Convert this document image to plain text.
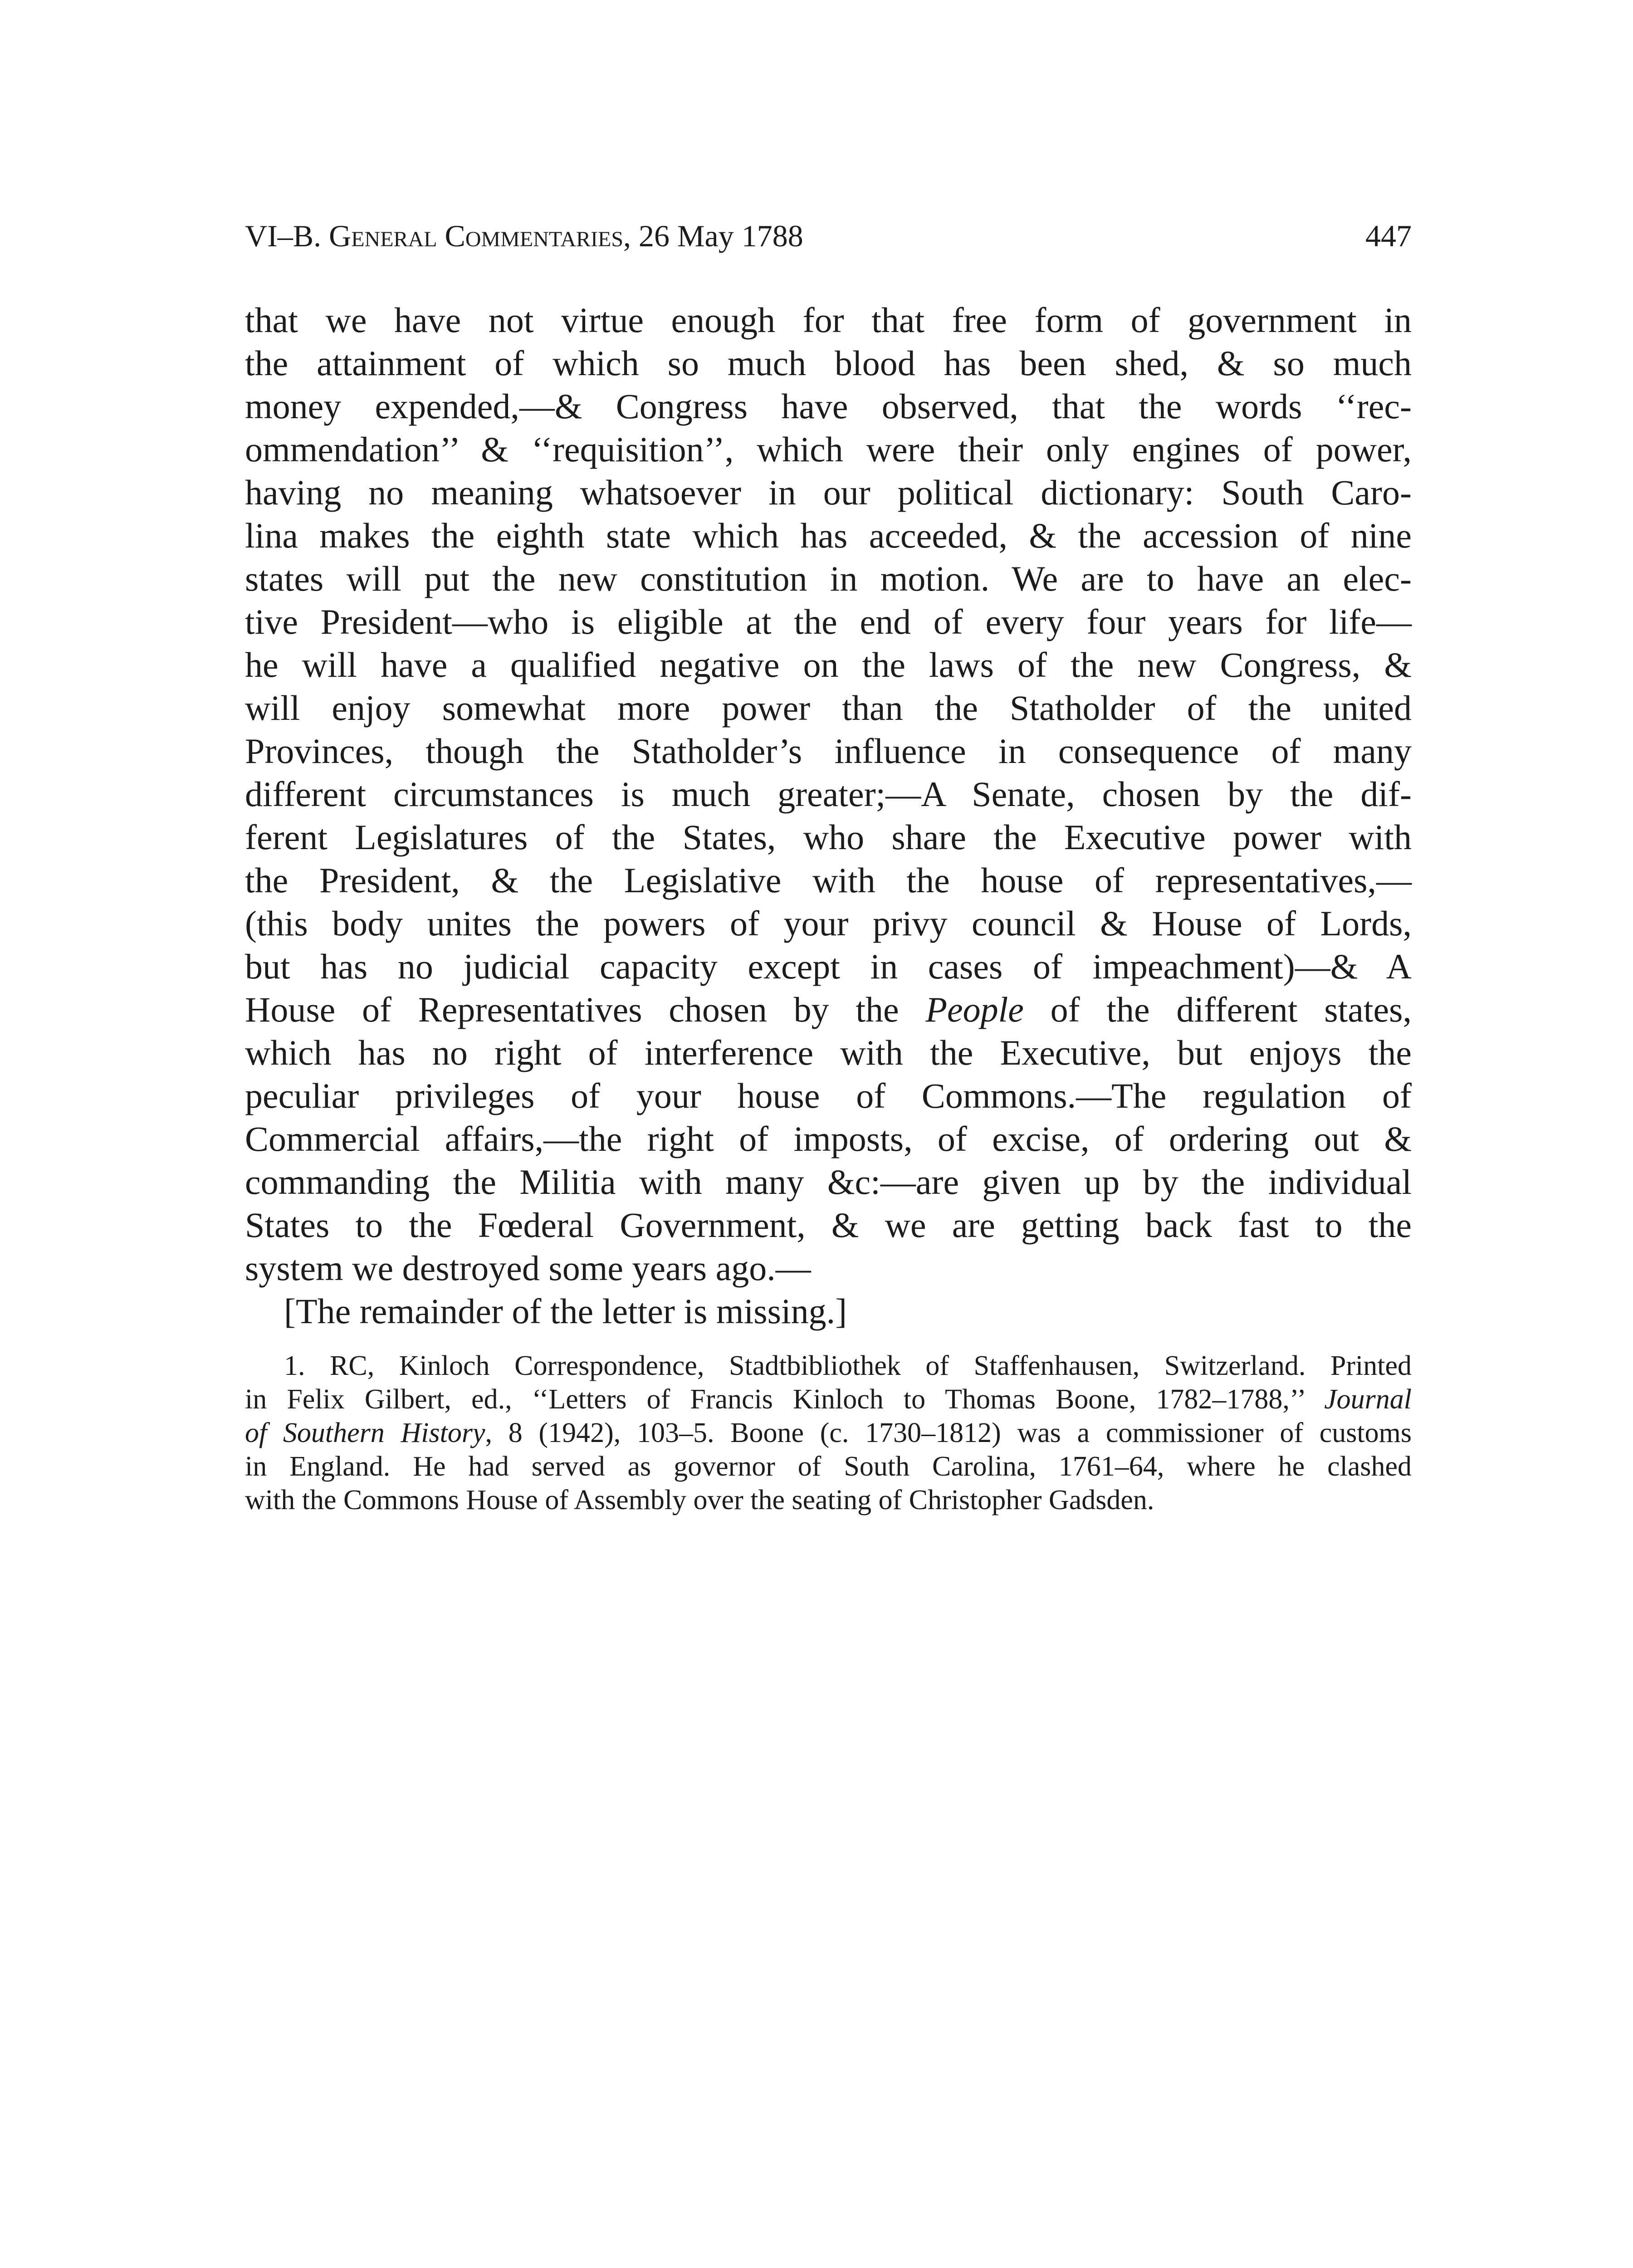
VI–B. General Commentaries, 26 May 1788	447
that we have not virtue enough for that free form of government in
the attainment of which so much blood has been shed, & so much
money expended,—& Congress have observed, that the words ‘‘rec-
ommendation’’ & ‘‘requisition’’, which were their only engines of power,
having no meaning whatsoever in our political dictionary: South Caro-
lina makes the eighth state which has acceeded, & the accession of nine
states will put the new constitution in motion. We are to have an elec-
tive President—who is eligible at the end of every four years for life—
he will have a qualified negative on the laws of the new Congress, &
will enjoy somewhat more power than the Statholder of the united
Provinces, though the Statholder’s influence in consequence of many
different circumstances is much greater;—A Senate, chosen by the dif-
ferent Legislatures of the States, who share the Executive power with
the President, & the Legislative with the house of representatives,—
(this body unites the powers of your privy council & House of Lords,
but has no judicial capacity except in cases of impeachment)—& A
House of Representatives chosen by the People of the different states,
which has no right of interference with the Executive, but enjoys the
peculiar privileges of your house of Commons.—The regulation of
Commercial affairs,—the right of imposts, of excise, of ordering out &
commanding the Militia with many &c:—are given up by the individual
States to the Fœderal Government, & we are getting back fast to the
system we destroyed some years ago.—
[The remainder of the letter is missing.]
1. RC, Kinloch Correspondence, Stadtbibliothek of Staffenhausen, Switzerland. Printed
in Felix Gilbert, ed., ‘‘Letters of Francis Kinloch to Thomas Boone, 1782–1788,’’ Journal
of Southern History, 8 (1942), 103–5. Boone (c. 1730–1812) was a commissioner of customs
in England. He had served as governor of South Carolina, 1761–64, where he clashed
with the Commons House of Assembly over the seating of Christopher Gadsden.
